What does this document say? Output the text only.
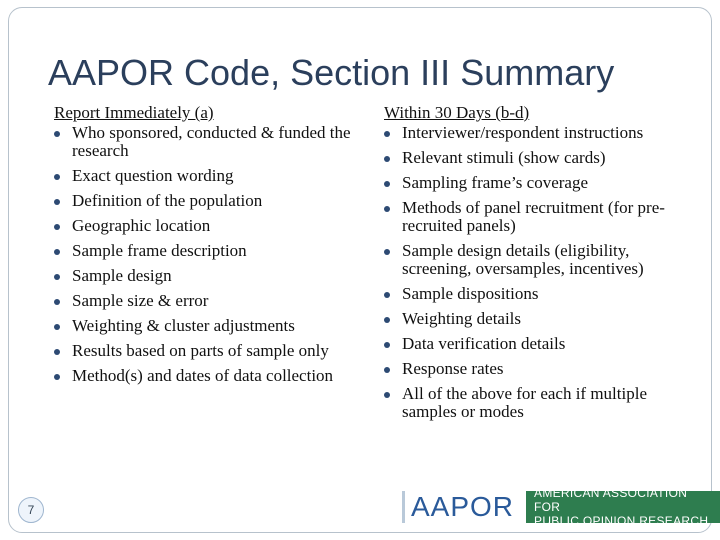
AAPOR Code, Section III Summary
Report Immediately (a)
Who sponsored, conducted & funded the research
Exact question wording
Definition of the population
Geographic location
Sample frame description
Sample design
Sample size & error
Weighting & cluster adjustments
Results based on parts of sample only
Method(s) and dates of data collection
Within 30 Days (b-d)
Interviewer/respondent instructions
Relevant stimuli (show cards)
Sampling frame’s coverage
Methods of panel recruitment (for pre-recruited panels)
Sample design details (eligibility, screening, oversamples, incentives)
Sample dispositions
Weighting details
Data verification details
Response rates
All of the above for each if multiple samples or modes
7	AAPOR	AMERICAN ASSOCIATION FOR
PUBLIC OPINION RESEARCH
